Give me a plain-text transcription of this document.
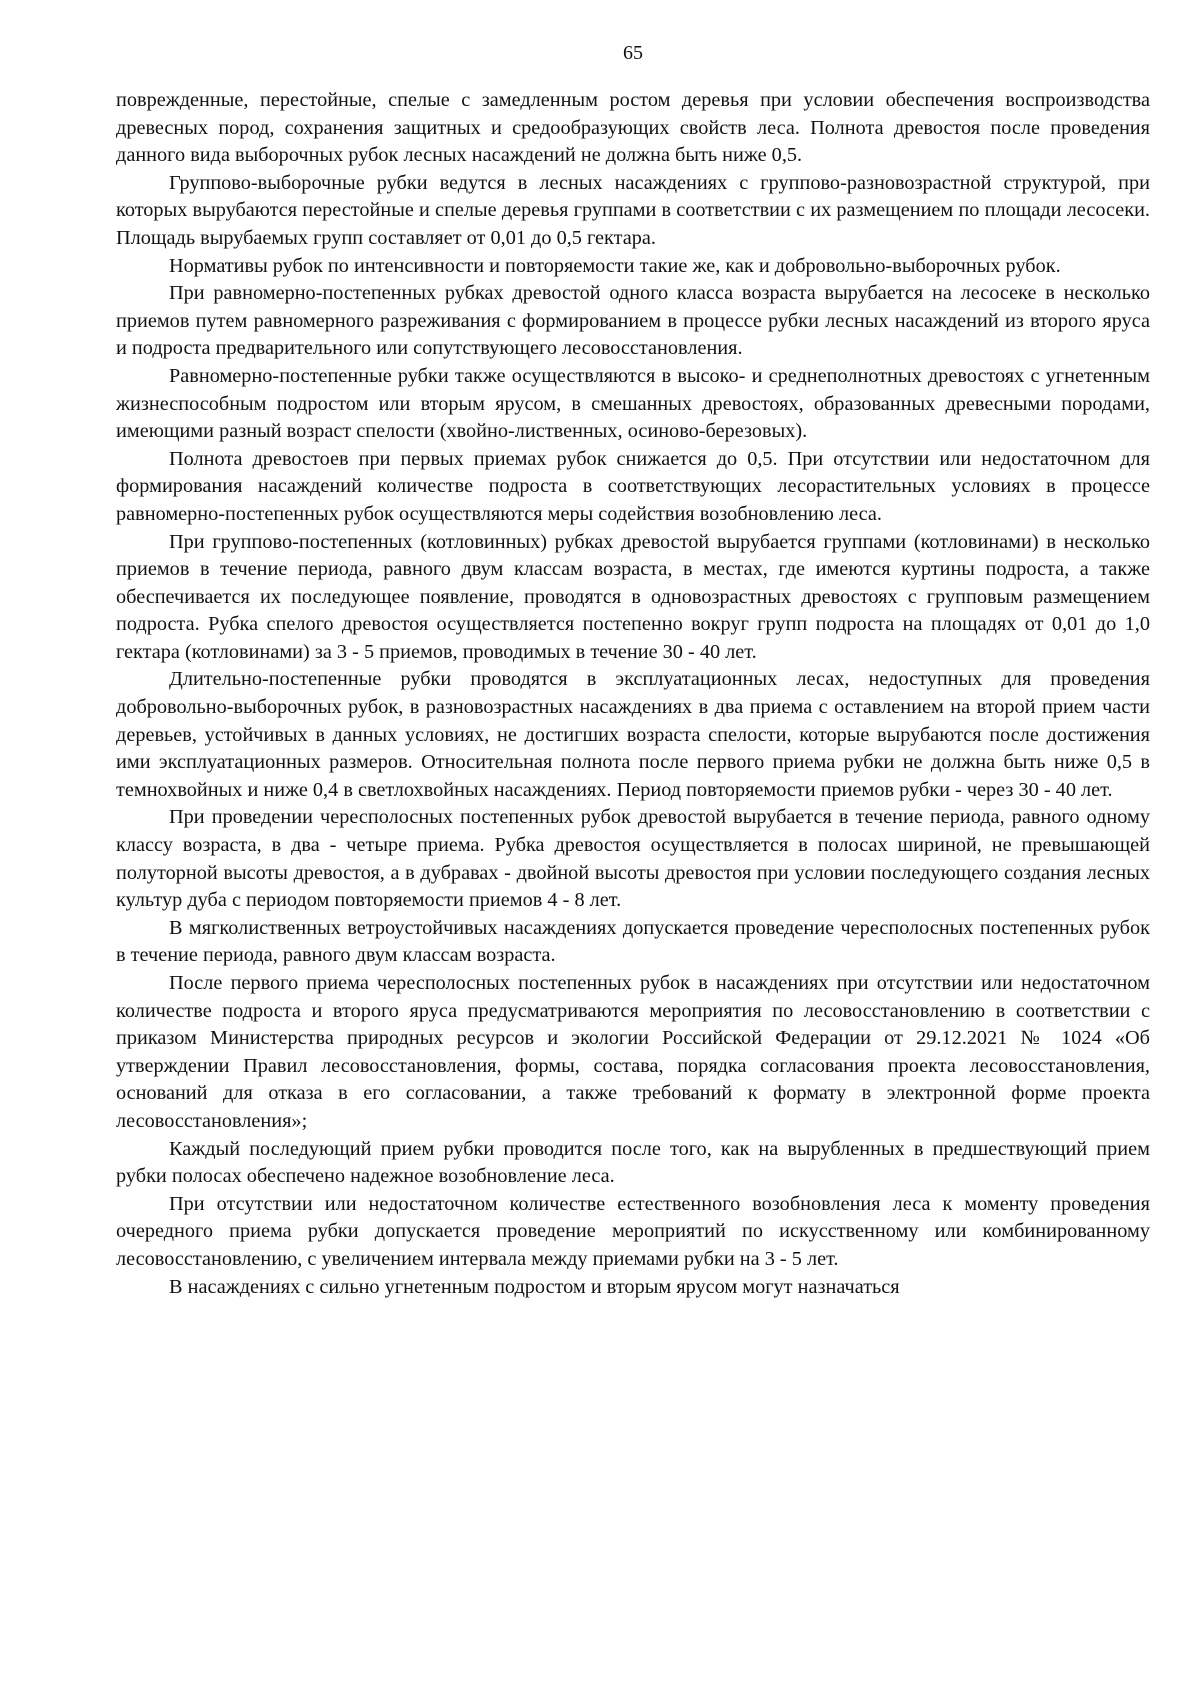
65

поврежденные, перестойные, спелые с замедленным ростом деревья при условии обеспечения воспроизводства древесных пород, сохранения защитных и средообразующих свойств леса. Полнота древостоя после проведения данного вида выборочных рубок лесных насаждений не должна быть ниже 0,5.

Группово-выборочные рубки ведутся в лесных насаждениях с группово-разновозрастной структурой, при которых вырубаются перестойные и спелые деревья группами в соответствии с их размещением по площади лесосеки. Площадь вырубаемых групп составляет от 0,01 до 0,5 гектара.

Нормативы рубок по интенсивности и повторяемости такие же, как и добровольно-выборочных рубок.

При равномерно-постепенных рубках древостой одного класса возраста вырубается на лесосеке в несколько приемов путем равномерного разреживания с формированием в процессе рубки лесных насаждений из второго яруса и подроста предварительного или сопутствующего лесовосстановления.

Равномерно-постепенные рубки также осуществляются в высоко- и среднеполнотных древостоях с угнетенным жизнеспособным подростом или вторым ярусом, в смешанных древостоях, образованных древесными породами, имеющими разный возраст спелости (хвойно-лиственных, осиново-березовых).

Полнота древостоев при первых приемах рубок снижается до 0,5. При отсутствии или недостаточном для формирования насаждений количестве подроста в соответствующих лесорастительных условиях в процессе равномерно-постепенных рубок осуществляются меры содействия возобновлению леса.

При группово-постепенных (котловинных) рубках древостой вырубается группами (котловинами) в несколько приемов в течение периода, равного двум классам возраста, в местах, где имеются куртины подроста, а также обеспечивается их последующее появление, проводятся в одновозрастных древостоях с групповым размещением подроста. Рубка спелого древостоя осуществляется постепенно вокруг групп подроста на площадях от 0,01 до 1,0 гектара (котловинами) за 3 - 5 приемов, проводимых в течение 30 - 40 лет.

Длительно-постепенные рубки проводятся в эксплуатационных лесах, недоступных для проведения добровольно-выборочных рубок, в разновозрастных насаждениях в два приема с оставлением на второй прием части деревьев, устойчивых в данных условиях, не достигших возраста спелости, которые вырубаются после достижения ими эксплуатационных размеров. Относительная полнота после первого приема рубки не должна быть ниже 0,5 в темнохвойных и ниже 0,4 в светлохвойных насаждениях. Период повторяемости приемов рубки - через 30 - 40 лет.

При проведении чересполосных постепенных рубок древостой вырубается в течение периода, равного одному классу возраста, в два - четыре приема. Рубка древостоя осуществляется в полосах шириной, не превышающей полуторной высоты древостоя, а в дубравах - двойной высоты древостоя при условии последующего создания лесных культур дуба с периодом повторяемости приемов 4 - 8 лет.

В мягколиственных ветроустойчивых насаждениях допускается проведение чересполосных постепенных рубок в течение периода, равного двум классам возраста.

После первого приема чересполосных постепенных рубок в насаждениях при отсутствии или недостаточном количестве подроста и второго яруса предусматриваются мероприятия по лесовосстановлению в соответствии с приказом Министерства природных ресурсов и экологии Российской Федерации от 29.12.2021 № 1024 «Об утверждении Правил лесовосстановления, формы, состава, порядка согласования проекта лесовосстановления, оснований для отказа в его согласовании, а также требований к формату в электронной форме проекта лесовосстановления»;

Каждый последующий прием рубки проводится после того, как на вырубленных в предшествующий прием рубки полосах обеспечено надежное возобновление леса.

При отсутствии или недостаточном количестве естественного возобновления леса к моменту проведения очередного приема рубки допускается проведение мероприятий по искусственному или комбинированному лесовосстановлению, с увеличением интервала между приемами рубки на 3 - 5 лет.

В насаждениях с сильно угнетенным подростом и вторым ярусом могут назначаться
